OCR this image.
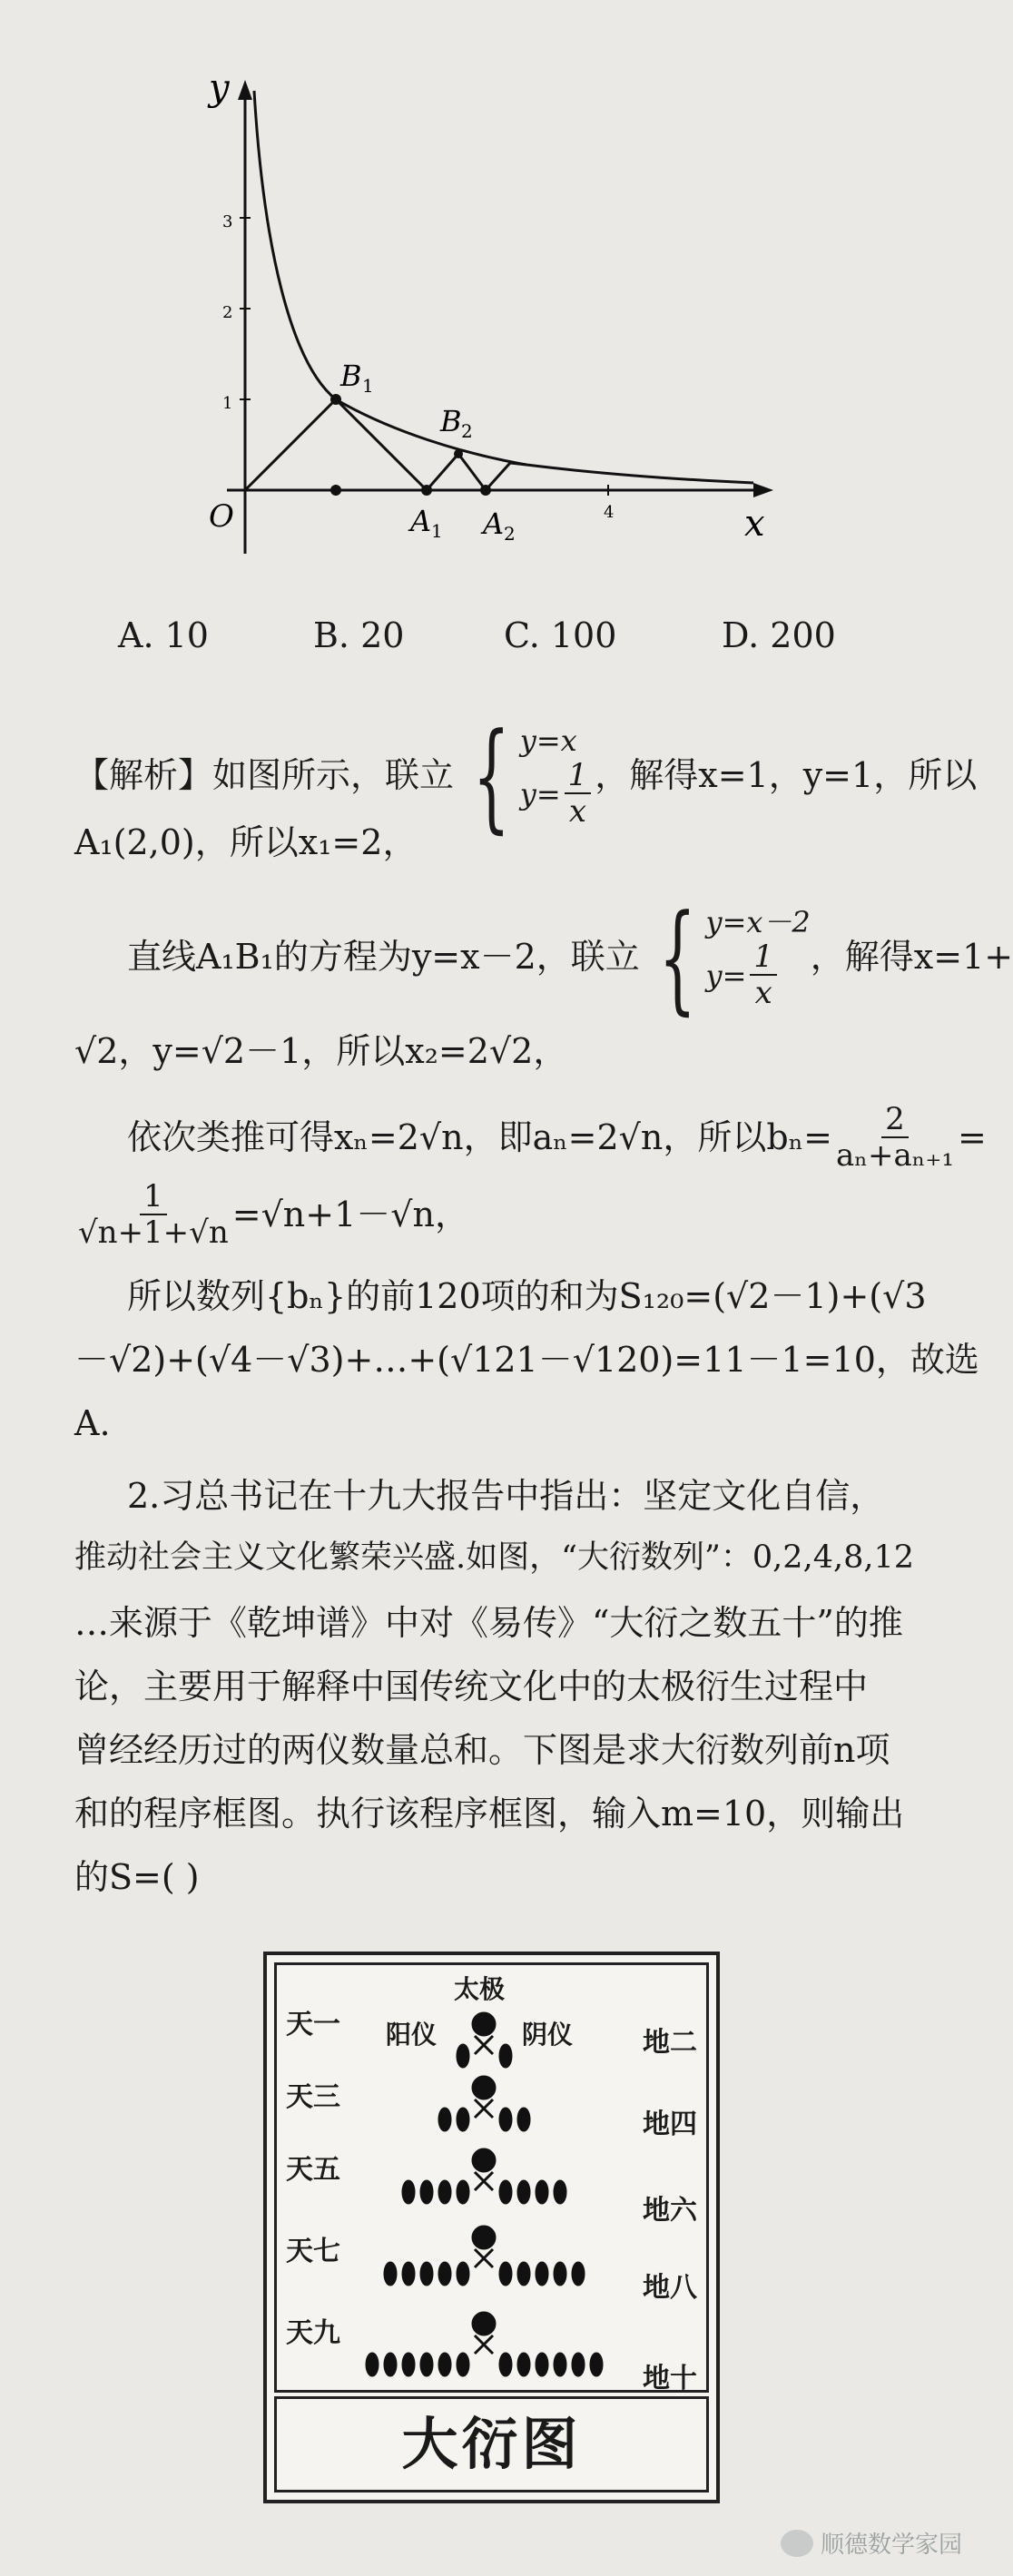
y
x
O
1
2
3
4
B 1
B 2
A 1 A 2
A. 10	B. 20	C. 100	D. 200
【解析】如图所示，联立 { y=x
$y= \frac{1}{x}$ ，解得x=1，y=1，所以
A₁(2,0)，所以x₁=2，
直线A₁B₁的方程为y=x－2，联立 { y=x－2
$y= \frac{1}{x}$ ，解得x=1+
√2，y=√2－1，所以x₂=2√2，
依次类推可得xₙ=2√n，即aₙ=2√n，所以$b_n= \frac{2}{\text{aₙ+aₙ₊₁}}$ =
$\frac{1}{√n+1+√n} =√n+1-√n$，
所以数列{bₙ}的前120项的和为S₁₂₀=(√2－1)+(√3
－√2)+(√4－√3)+…+(√121－√120)=11－1=10，故选
A.
2.习总书记在十九大报告中指出：坚定文化自信，
推动社会主义文化繁荣兴盛.如图，“大衍数列”：0,2,4,8,12
…来源于《乾坤谱》中对《易传》“大衍之数五十”的推
论，主要用于解释中国传统文化中的太极衍生过程中
曾经经历过的两仪数量总和。下图是求大衍数列前n项
和的程序框图。执行该程序框图，输入m=10，则输出
的S=( )
天一
天三
天五
天七
天九
地二
地四
地六
地八
地十
太极
阳仪	阴仪
大衍图
顺德数学家园
